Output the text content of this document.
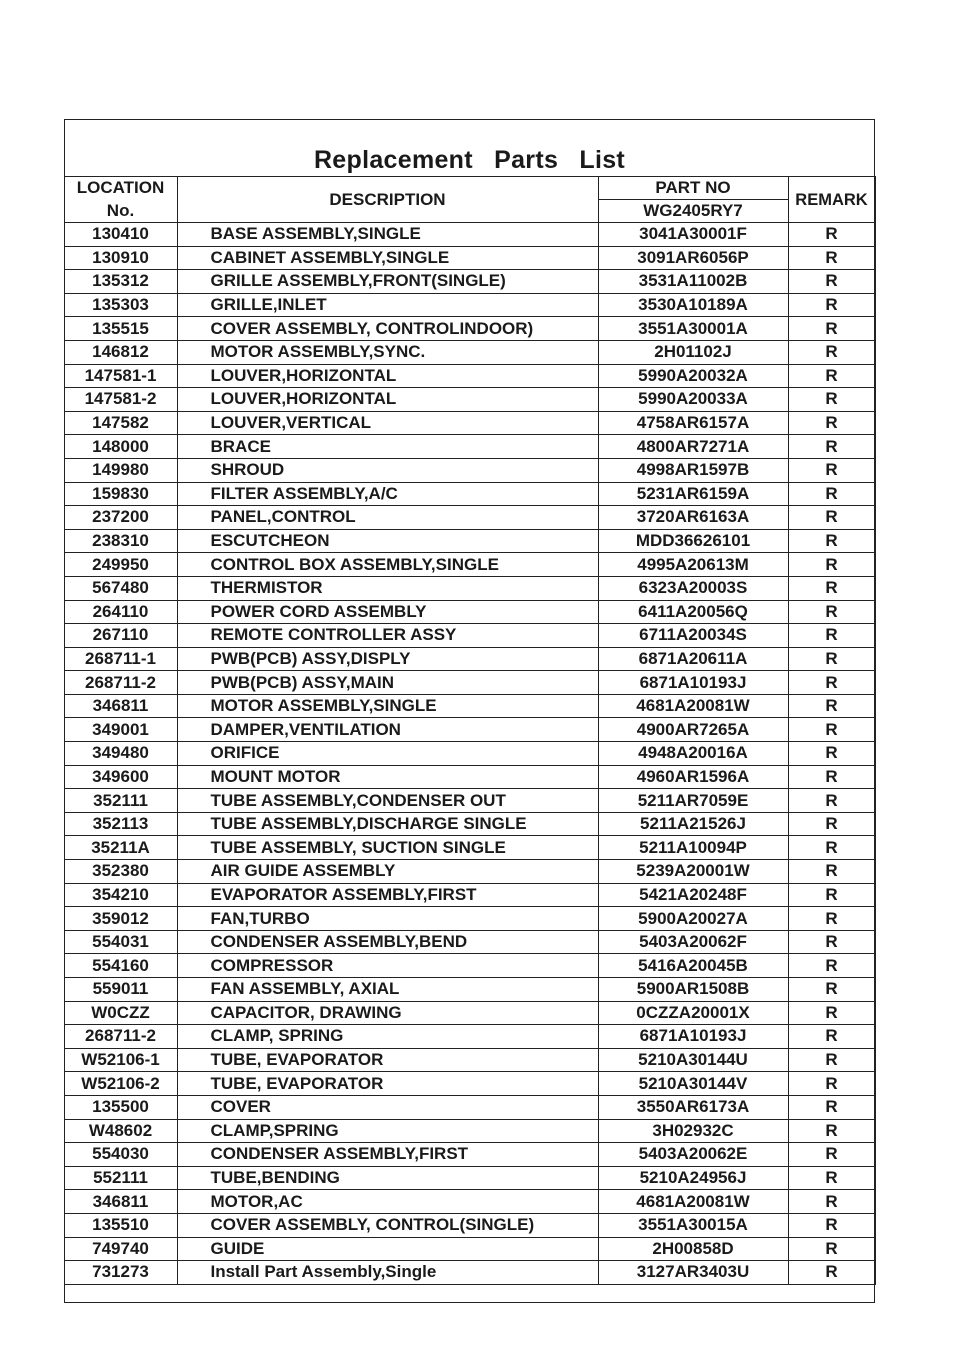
Replacement Parts List
LOCATION	DESCRIPTION	PART NO	REMARK
No.		WG2405RY7	
130410	BASE ASSEMBLY,SINGLE	3041A30001F	R
130910	CABINET ASSEMBLY,SINGLE	3091AR6056P	R
135312	GRILLE ASSEMBLY,FRONT(SINGLE)	3531A11002B	R
135303	GRILLE,INLET	3530A10189A	R
135515	COVER ASSEMBLY, CONTROLINDOOR)	3551A30001A	R
146812	MOTOR ASSEMBLY,SYNC.	2H01102J	R
147581-1	LOUVER,HORIZONTAL	5990A20032A	R
147581-2	LOUVER,HORIZONTAL	5990A20033A	R
147582	LOUVER,VERTICAL	4758AR6157A	R
148000	BRACE	4800AR7271A	R
149980	SHROUD	4998AR1597B	R
159830	FILTER ASSEMBLY,A/C	5231AR6159A	R
237200	PANEL,CONTROL	3720AR6163A	R
238310	ESCUTCHEON	MDD36626101	R
249950	CONTROL BOX ASSEMBLY,SINGLE	4995A20613M	R
567480	THERMISTOR	6323A20003S	R
264110	POWER CORD ASSEMBLY	6411A20056Q	R
267110	REMOTE CONTROLLER ASSY	6711A20034S	R
268711-1	PWB(PCB) ASSY,DISPLY	6871A20611A	R
268711-2	PWB(PCB) ASSY,MAIN	6871A10193J	R
346811	MOTOR ASSEMBLY,SINGLE	4681A20081W	R
349001	DAMPER,VENTILATION	4900AR7265A	R
349480	ORIFICE	4948A20016A	R
349600	MOUNT MOTOR	4960AR1596A	R
352111	TUBE ASSEMBLY,CONDENSER OUT	5211AR7059E	R
352113	TUBE ASSEMBLY,DISCHARGE SINGLE	5211A21526J	R
35211A	TUBE ASSEMBLY, SUCTION SINGLE	5211A10094P	R
352380	AIR GUIDE ASSEMBLY	5239A20001W	R
354210	EVAPORATOR ASSEMBLY,FIRST	5421A20248F	R
359012	FAN,TURBO	5900A20027A	R
554031	CONDENSER ASSEMBLY,BEND	5403A20062F	R
554160	COMPRESSOR	5416A20045B	R
559011	FAN ASSEMBLY, AXIAL	5900AR1508B	R
W0CZZ	CAPACITOR, DRAWING	0CZZA20001X	R
268711-2	CLAMP, SPRING	6871A10193J	R
W52106-1	TUBE, EVAPORATOR	5210A30144U	R
W52106-2	TUBE, EVAPORATOR	5210A30144V	R
135500	COVER	3550AR6173A	R
W48602	CLAMP,SPRING	3H02932C	R
554030	CONDENSER ASSEMBLY,FIRST	5403A20062E	R
552111	TUBE,BENDING	5210A24956J	R
346811	MOTOR,AC	4681A20081W	R
135510	COVER ASSEMBLY, CONTROL(SINGLE)	3551A30015A	R
749740	GUIDE	2H00858D	R
731273	Install Part Assembly,Single	3127AR3403U	R
